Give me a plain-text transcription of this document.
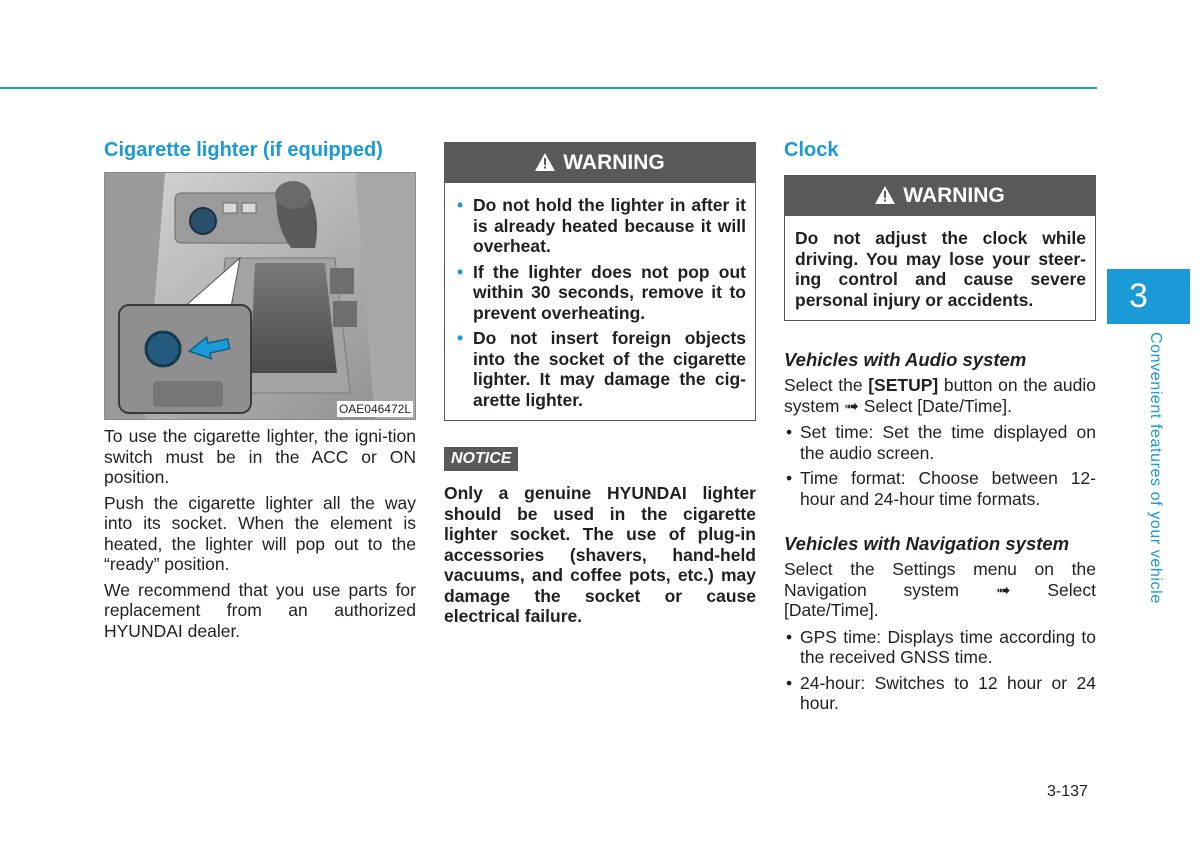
Cigarette lighter (if equipped)
OAE046472L

To use the cigarette lighter, the igni-tion switch must be in the ACC or ON position.

Push the cigarette lighter all the way into its socket. When the element is heated, the lighter will pop out to the “ready” position.

We recommend that you use parts for replacement from an authorized HYUNDAI dealer.

WARNING
• Do not hold the lighter in after it is already heated because it will overheat.
• If the lighter does not pop out within 30 seconds, remove it to prevent overheating.
• Do not insert foreign objects into the socket of the cigarette lighter. It may damage the cig-arette lighter.
NOTICE

Only a genuine HYUNDAI lighter should be used in the cigarette lighter socket. The use of plug-in accessories (shavers, hand-held vacuums, and coffee pots, etc.) may damage the socket or cause electrical failure.

Clock
WARNING
Do not adjust the clock while driving. You may lose your steer-ing control and cause severe personal injury or accidents.
Vehicles with Audio system

Select the [SETUP] button on the audio system ➟ Select [Date/Time].

• Set time: Set the time displayed on the audio screen.
• Time format: Choose between 12-hour and 24-hour time formats.
Vehicles with Navigation system

Select the Settings menu on the Navigation system ➟ Select [Date/Time].

• GPS time: Displays time according to the received GNSS time.
• 24-hour: Switches to 12 hour or 24 hour.
3
Convenient features of your vehicle
3-137
